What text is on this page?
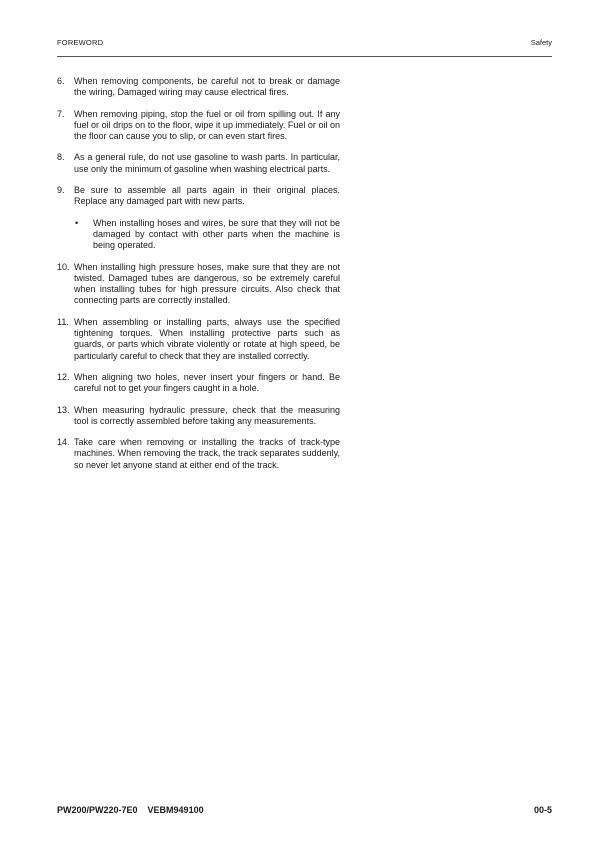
FOREWORD	Safety
6.	When removing components, be careful not to break or damage the wiring, Damaged wiring may cause electrical fires.
7.	When removing piping, stop the fuel or oil from spilling out. If any fuel or oil drips on to the floor, wipe it up immediately. Fuel or oil on the floor can cause you to slip, or can even start fires.
8.	As a general rule, do not use gasoline to wash parts. In particular, use only the minimum of gasoline when washing electrical parts.
9.	Be sure to assemble all parts again in their original places. Replace any damaged part with new parts.
•	When installing hoses and wires, be sure that they will not be damaged by contact with other parts when the machine is being operated.
10. When installing high pressure hoses, make sure that they are not twisted. Damaged tubes are dangerous, so be extremely careful when installing tubes for high pressure circuits. Also check that connecting parts are correctly installed.
11. When assembling or installing parts, always use the specified tightening torques. When installing protective parts such as guards, or parts which vibrate violently or rotate at high speed, be particularly careful to check that they are installed correctly.
12. When aligning two holes, never insert your fingers or hand. Be careful not to get your fingers caught in a hole.
13. When measuring hydraulic pressure, check that the measuring tool is correctly assembled before taking any measurements.
14. Take care when removing or installing the tracks of track-type machines. When removing the track, the track separates suddenly, so never let anyone stand at either end of the track.
PW200/PW220-7E0 VEBM949100	00-5
